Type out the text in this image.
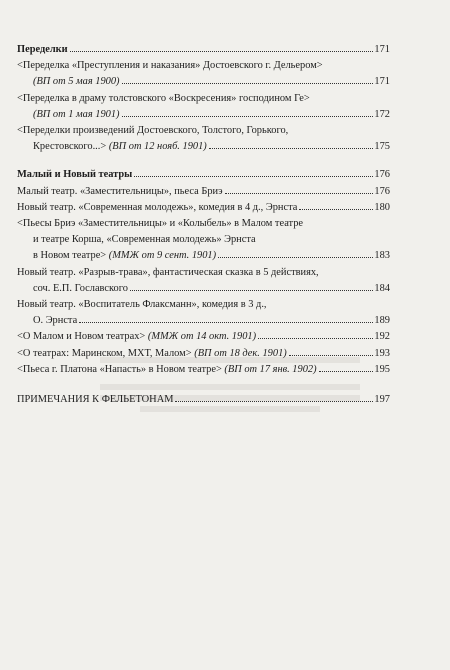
Переделки	171
<Переделка «Преступления и наказания» Достоевского г. Дельером>
(ВП от 5 мая 1900)	171
<Переделка в драму толстовского «Воскресения» господином Ге>
(ВП от 1 мая 1901)	172
<Переделки произведений Достоевского, Толстого, Горького,
Крестовского...>
(ВП от 12 нояб. 1901)	175
Малый и Новый театры	176
Малый театр. «Заместительницы», пьеса Бриэ	176
Новый театр. «Современная молодежь», комедия в 4 д., Эрнста	180
<Пьесы Бриэ «Заместительницы» и «Колыбель» в Малом театре
и театре Корша, «Современная молодежь» Эрнста
в Новом театре>
(ММЖ от 9 сент. 1901)	183
Новый театр. «Разрыв-трава», фантастическая сказка в 5 действиях,
соч. Е.П. Гославского	184
Новый театр. «Воспитатель Флаксманн», комедия в 3 д.,
О. Эрнста	189
<О Малом и Новом театрах>
(ММЖ от 14 окт. 1901)	192
<О театрах: Маринском, МХТ, Малом>
(ВП от 18 дек. 1901)	193
<Пьеса г. Платона «Напасть» в Новом театре>
(ВП от 17 янв. 1902)	195
ПРИМЕЧАНИЯ К ФЕЛЬЕТОНАМ	197
